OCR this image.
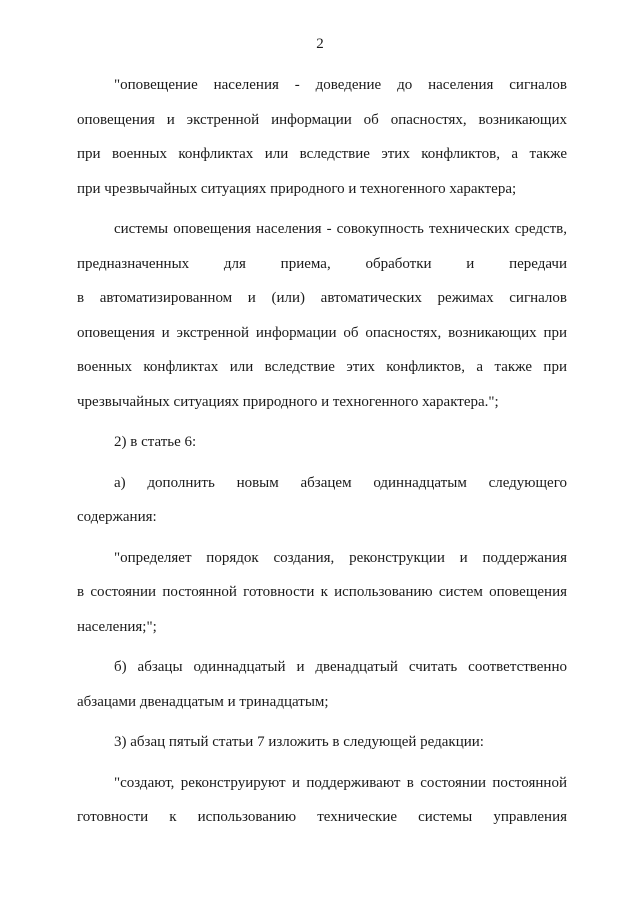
2

"оповещение населения - доведение до населения сигналов
оповещения и экстренной информации об опасностях, возникающих
при военных конфликтах или вследствие этих конфликтов, а также
при чрезвычайных ситуациях природного и техногенного характера;

системы оповещения населения - совокупность технических средств,
предназначенных для приема, обработки и передачи
в автоматизированном и (или) автоматических режимах сигналов
оповещения и экстренной информации об опасностях, возникающих при
военных конфликтах или вследствие этих конфликтов, а также при
чрезвычайных ситуациях природного и техногенного характера.";

2) в статье 6:

а) дополнить новым абзацем одиннадцатым следующего
содержания:

"определяет порядок создания, реконструкции и поддержания
в состоянии постоянной готовности к использованию систем оповещения
населения;";

б) абзацы одиннадцатый и двенадцатый считать соответственно
абзацами двенадцатым и тринадцатым;

3) абзац пятый статьи 7 изложить в следующей редакции:

"создают, реконструируют и поддерживают в состоянии постоянной
готовности к использованию технические системы управления
